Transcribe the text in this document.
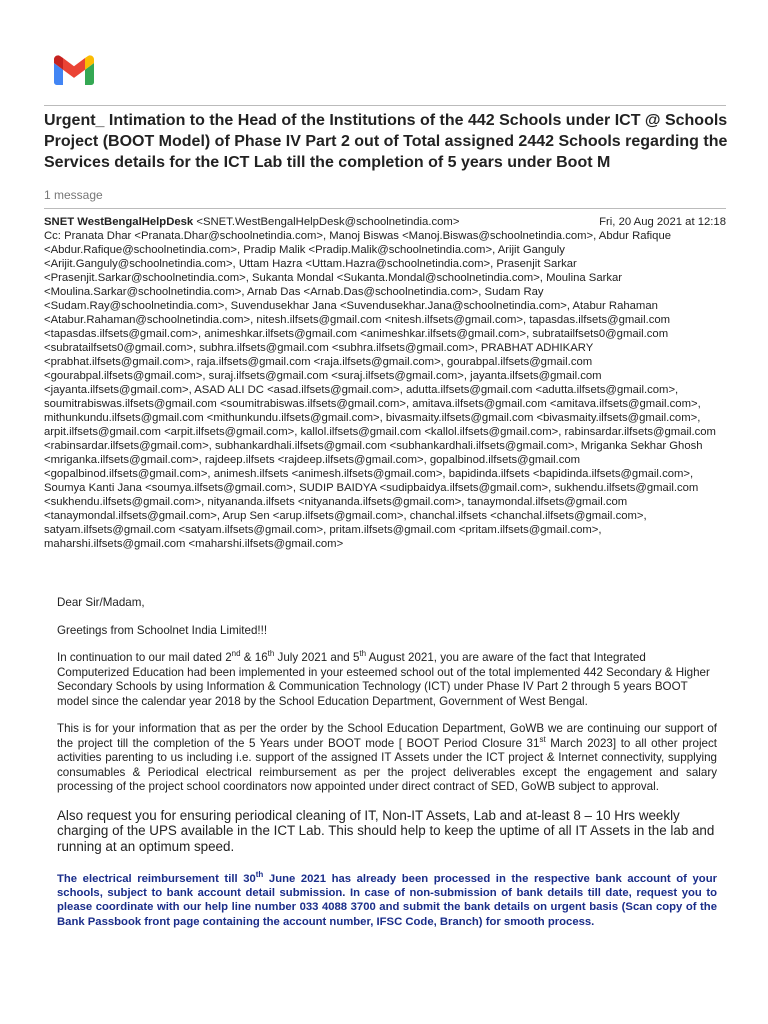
Urgent_ Intimation to the Head of the Institutions of the 442 Schools under ICT @ Schools Project (BOOT Model) of Phase IV Part 2 out of Total assigned 2442 Schools regarding the Services details for the ICT Lab till the completion of 5 years under Boot M
1 message
SNET WestBengalHelpDesk <SNET.WestBengalHelpDesk@schoolnetindia.com>	Fri, 20 Aug 2021 at 12:18
Cc: Pranata Dhar <Pranata.Dhar@schoolnetindia.com>, Manoj Biswas <Manoj.Biswas@schoolnetindia.com>, Abdur Rafique <Abdur.Rafique@schoolnetindia.com>, Pradip Malik <Pradip.Malik@schoolnetindia.com>, Arijit Ganguly <Arijit.Ganguly@schoolnetindia.com>, Uttam Hazra <Uttam.Hazra@schoolnetindia.com>, Prasenjit Sarkar <Prasenjit.Sarkar@schoolnetindia.com>, Sukanta Mondal <Sukanta.Mondal@schoolnetindia.com>, Moulina Sarkar <Moulina.Sarkar@schoolnetindia.com>, Arnab Das <Arnab.Das@schoolnetindia.com>, Sudam Ray <Sudam.Ray@schoolnetindia.com>, Suvendusekhar Jana <Suvendusekhar.Jana@schoolnetindia.com>, Atabur Rahaman <Atabur.Rahaman@schoolnetindia.com>, nitesh.ilfsets@gmail.com <nitesh.ilfsets@gmail.com>, tapasdas.ilfsets@gmail.com <tapasdas.ilfsets@gmail.com>, animeshkar.ilfsets@gmail.com <animeshkar.ilfsets@gmail.com>, subratailfsets0@gmail.com <subratailfsets0@gmail.com>, subhra.ilfsets@gmail.com <subhra.ilfsets@gmail.com>, PRABHAT ADHIKARY <prabhat.ilfsets@gmail.com>, raja.ilfsets@gmail.com <raja.ilfsets@gmail.com>, gourabpal.ilfsets@gmail.com <gourabpal.ilfsets@gmail.com>, suraj.ilfsets@gmail.com <suraj.ilfsets@gmail.com>, jayanta.ilfsets@gmail.com <jayanta.ilfsets@gmail.com>, ASAD ALI DC <asad.ilfsets@gmail.com>, adutta.ilfsets@gmail.com <adutta.ilfsets@gmail.com>, soumitrabiswas.ilfsets@gmail.com <soumitrabiswas.ilfsets@gmail.com>, amitava.ilfsets@gmail.com <amitava.ilfsets@gmail.com>, mithunkundu.ilfsets@gmail.com <mithunkundu.ilfsets@gmail.com>, bivasmaity.ilfsets@gmail.com <bivasmaity.ilfsets@gmail.com>, arpit.ilfsets@gmail.com <arpit.ilfsets@gmail.com>, kallol.ilfsets@gmail.com <kallol.ilfsets@gmail.com>, rabinsardar.ilfsets@gmail.com <rabinsardar.ilfsets@gmail.com>, subhankardhali.ilfsets@gmail.com <subhankardhali.ilfsets@gmail.com>, Mriganka Sekhar Ghosh <mriganka.ilfsets@gmail.com>, rajdeep.ilfsets <rajdeep.ilfsets@gmail.com>, gopalbinod.ilfsets@gmail.com <gopalbinod.ilfsets@gmail.com>, animesh.ilfsets <animesh.ilfsets@gmail.com>, bapidinda.ilfsets <bapidinda.ilfsets@gmail.com>, Soumya Kanti Jana <soumya.ilfsets@gmail.com>, SUDIP BAIDYA <sudipbaidya.ilfsets@gmail.com>, sukhendu.ilfsets@gmail.com <sukhendu.ilfsets@gmail.com>, nityananda.ilfsets <nityananda.ilfsets@gmail.com>, tanaymondal.ilfsets@gmail.com <tanaymondal.ilfsets@gmail.com>, Arup Sen <arup.ilfsets@gmail.com>, chanchal.ilfsets <chanchal.ilfsets@gmail.com>, satyam.ilfsets@gmail.com <satyam.ilfsets@gmail.com>, pritam.ilfsets@gmail.com <pritam.ilfsets@gmail.com>, maharshi.ilfsets@gmail.com <maharshi.ilfsets@gmail.com>

Dear Sir/Madam,

Greetings from Schoolnet India Limited!!!

In continuation to our mail dated 2nd & 16th July 2021 and 5th August 2021, you are aware of the fact that Integrated Computerized Education had been implemented in your esteemed school out of the total implemented 442 Secondary & Higher Secondary Schools by using Information & Communication Technology (ICT) under Phase IV Part 2 through 5 years BOOT model since the calendar year 2018 by the School Education Department, Government of West Bengal.

This is for your information that as per the order by the School Education Department, GoWB we are continuing our support of the project till the completion of the 5 Years under BOOT mode [ BOOT Period Closure 31st March 2023] to all other project activities parenting to us including i.e. support of the assigned IT Assets under the ICT project & Internet connectivity, supplying consumables & Periodical electrical reimbursement as per the project deliverables except the engagement and salary processing of the project school coordinators now appointed under direct contract of SED, GoWB subject to approval.

Also request you for ensuring periodical cleaning of IT, Non-IT Assets, Lab and at-least 8 – 10 Hrs weekly charging of the UPS available in the ICT Lab. This should help to keep the uptime of all IT Assets in the lab and running at an optimum speed.

The electrical reimbursement till 30th June 2021 has already been processed in the respective bank account of your schools, subject to bank account detail submission. In case of non-submission of bank details till date, request you to please coordinate with our help line number 033 4088 3700 and submit the bank details on urgent basis (Scan copy of the Bank Passbook front page containing the account number, IFSC Code, Branch) for smooth process.
